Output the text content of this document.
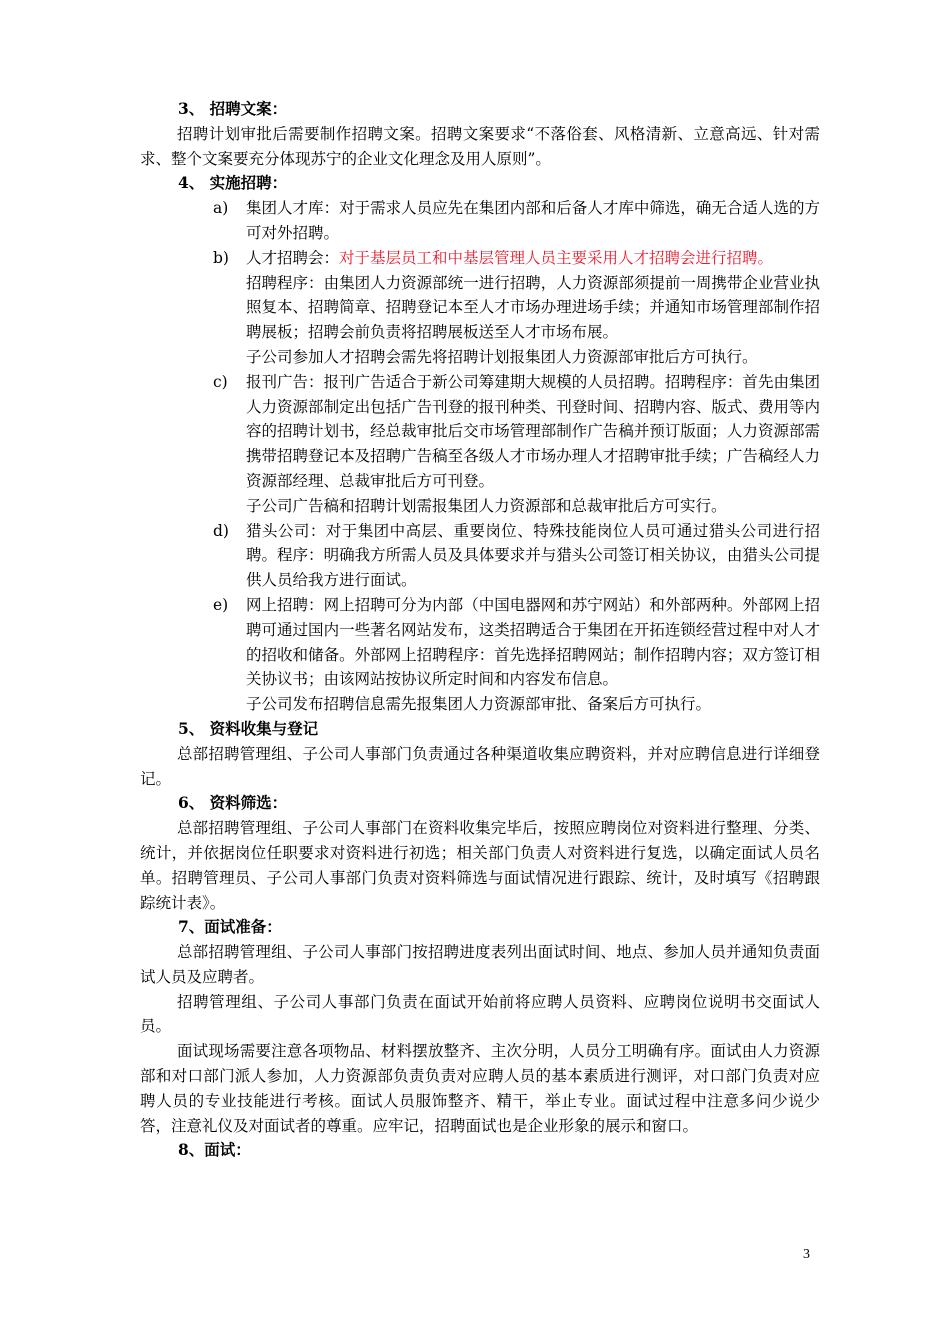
3、 招聘文案：

招聘计划审批后需要制作招聘文案。招聘文案要求“不落俗套、风格清新、立意高远、针对需求、整个文案要充分体现苏宁的企业文化理念及用人原则”。

4、 实施招聘：

a) 集团人才库：对于需求人员应先在集团内部和后备人才库中筛选，确无合适人选的方可对外招聘。

b) 人才招聘会：对于基层员工和中基层管理人员主要采用人才招聘会进行招聘。

招聘程序：由集团人力资源部统一进行招聘，人力资源部须提前一周携带企业营业执照复本、招聘简章、招聘登记本至人才市场办理进场手续；并通知市场管理部制作招聘展板；招聘会前负责将招聘展板送至人才市场布展。

子公司参加人才招聘会需先将招聘计划报集团人力资源部审批后方可执行。

c) 报刊广告：报刊广告适合于新公司筹建期大规模的人员招聘。招聘程序：首先由集团人力资源部制定出包括广告刊登的报刊种类、刊登时间、招聘内容、版式、费用等内容的招聘计划书，经总裁审批后交市场管理部制作广告稿并预订版面；人力资源部需携带招聘登记本及招聘广告稿至各级人才市场办理人才招聘审批手续；广告稿经人力资源部经理、总裁审批后方可刊登。

子公司广告稿和招聘计划需报集团人力资源部和总裁审批后方可实行。

d) 猎头公司：对于集团中高层、重要岗位、特殊技能岗位人员可通过猎头公司进行招聘。程序：明确我方所需人员及具体要求并与猎头公司签订相关协议，由猎头公司提供人员给我方进行面试。

e) 网上招聘：网上招聘可分为内部（中国电器网和苏宁网站）和外部两种。外部网上招聘可通过国内一些著名网站发布，这类招聘适合于集团在开拓连锁经营过程中对人才的招收和储备。外部网上招聘程序：首先选择招聘网站；制作招聘内容；双方签订相关协议书；由该网站按协议所定时间和内容发布信息。

子公司发布招聘信息需先报集团人力资源部审批、备案后方可执行。

5、 资料收集与登记

总部招聘管理组、子公司人事部门负责通过各种渠道收集应聘资料，并对应聘信息进行详细登记。

6、 资料筛选：

总部招聘管理组、子公司人事部门在资料收集完毕后，按照应聘岗位对资料进行整理、分类、统计，并依据岗位任职要求对资料进行初选；相关部门负责人对资料进行复选，以确定面试人员名单。招聘管理员、子公司人事部门负责对资料筛选与面试情况进行跟踪、统计，及时填写《招聘跟踪统计表》。

7、面试准备：

总部招聘管理组、子公司人事部门按招聘进度表列出面试时间、地点、参加人员并通知负责面试人员及应聘者。

招聘管理组、子公司人事部门负责在面试开始前将应聘人员资料、应聘岗位说明书交面试人员。

面试现场需要注意各项物品、材料摆放整齐、主次分明，人员分工明确有序。面试由人力资源部和对口部门派人参加，人力资源部负责负责对应聘人员的基本素质进行测评，对口部门负责对应聘人员的专业技能进行考核。面试人员服饰整齐、精干，举止专业。面试过程中注意多问少说少答，注意礼仪及对面试者的尊重。应牢记，招聘面试也是企业形象的展示和窗口。

8、面试：

3
